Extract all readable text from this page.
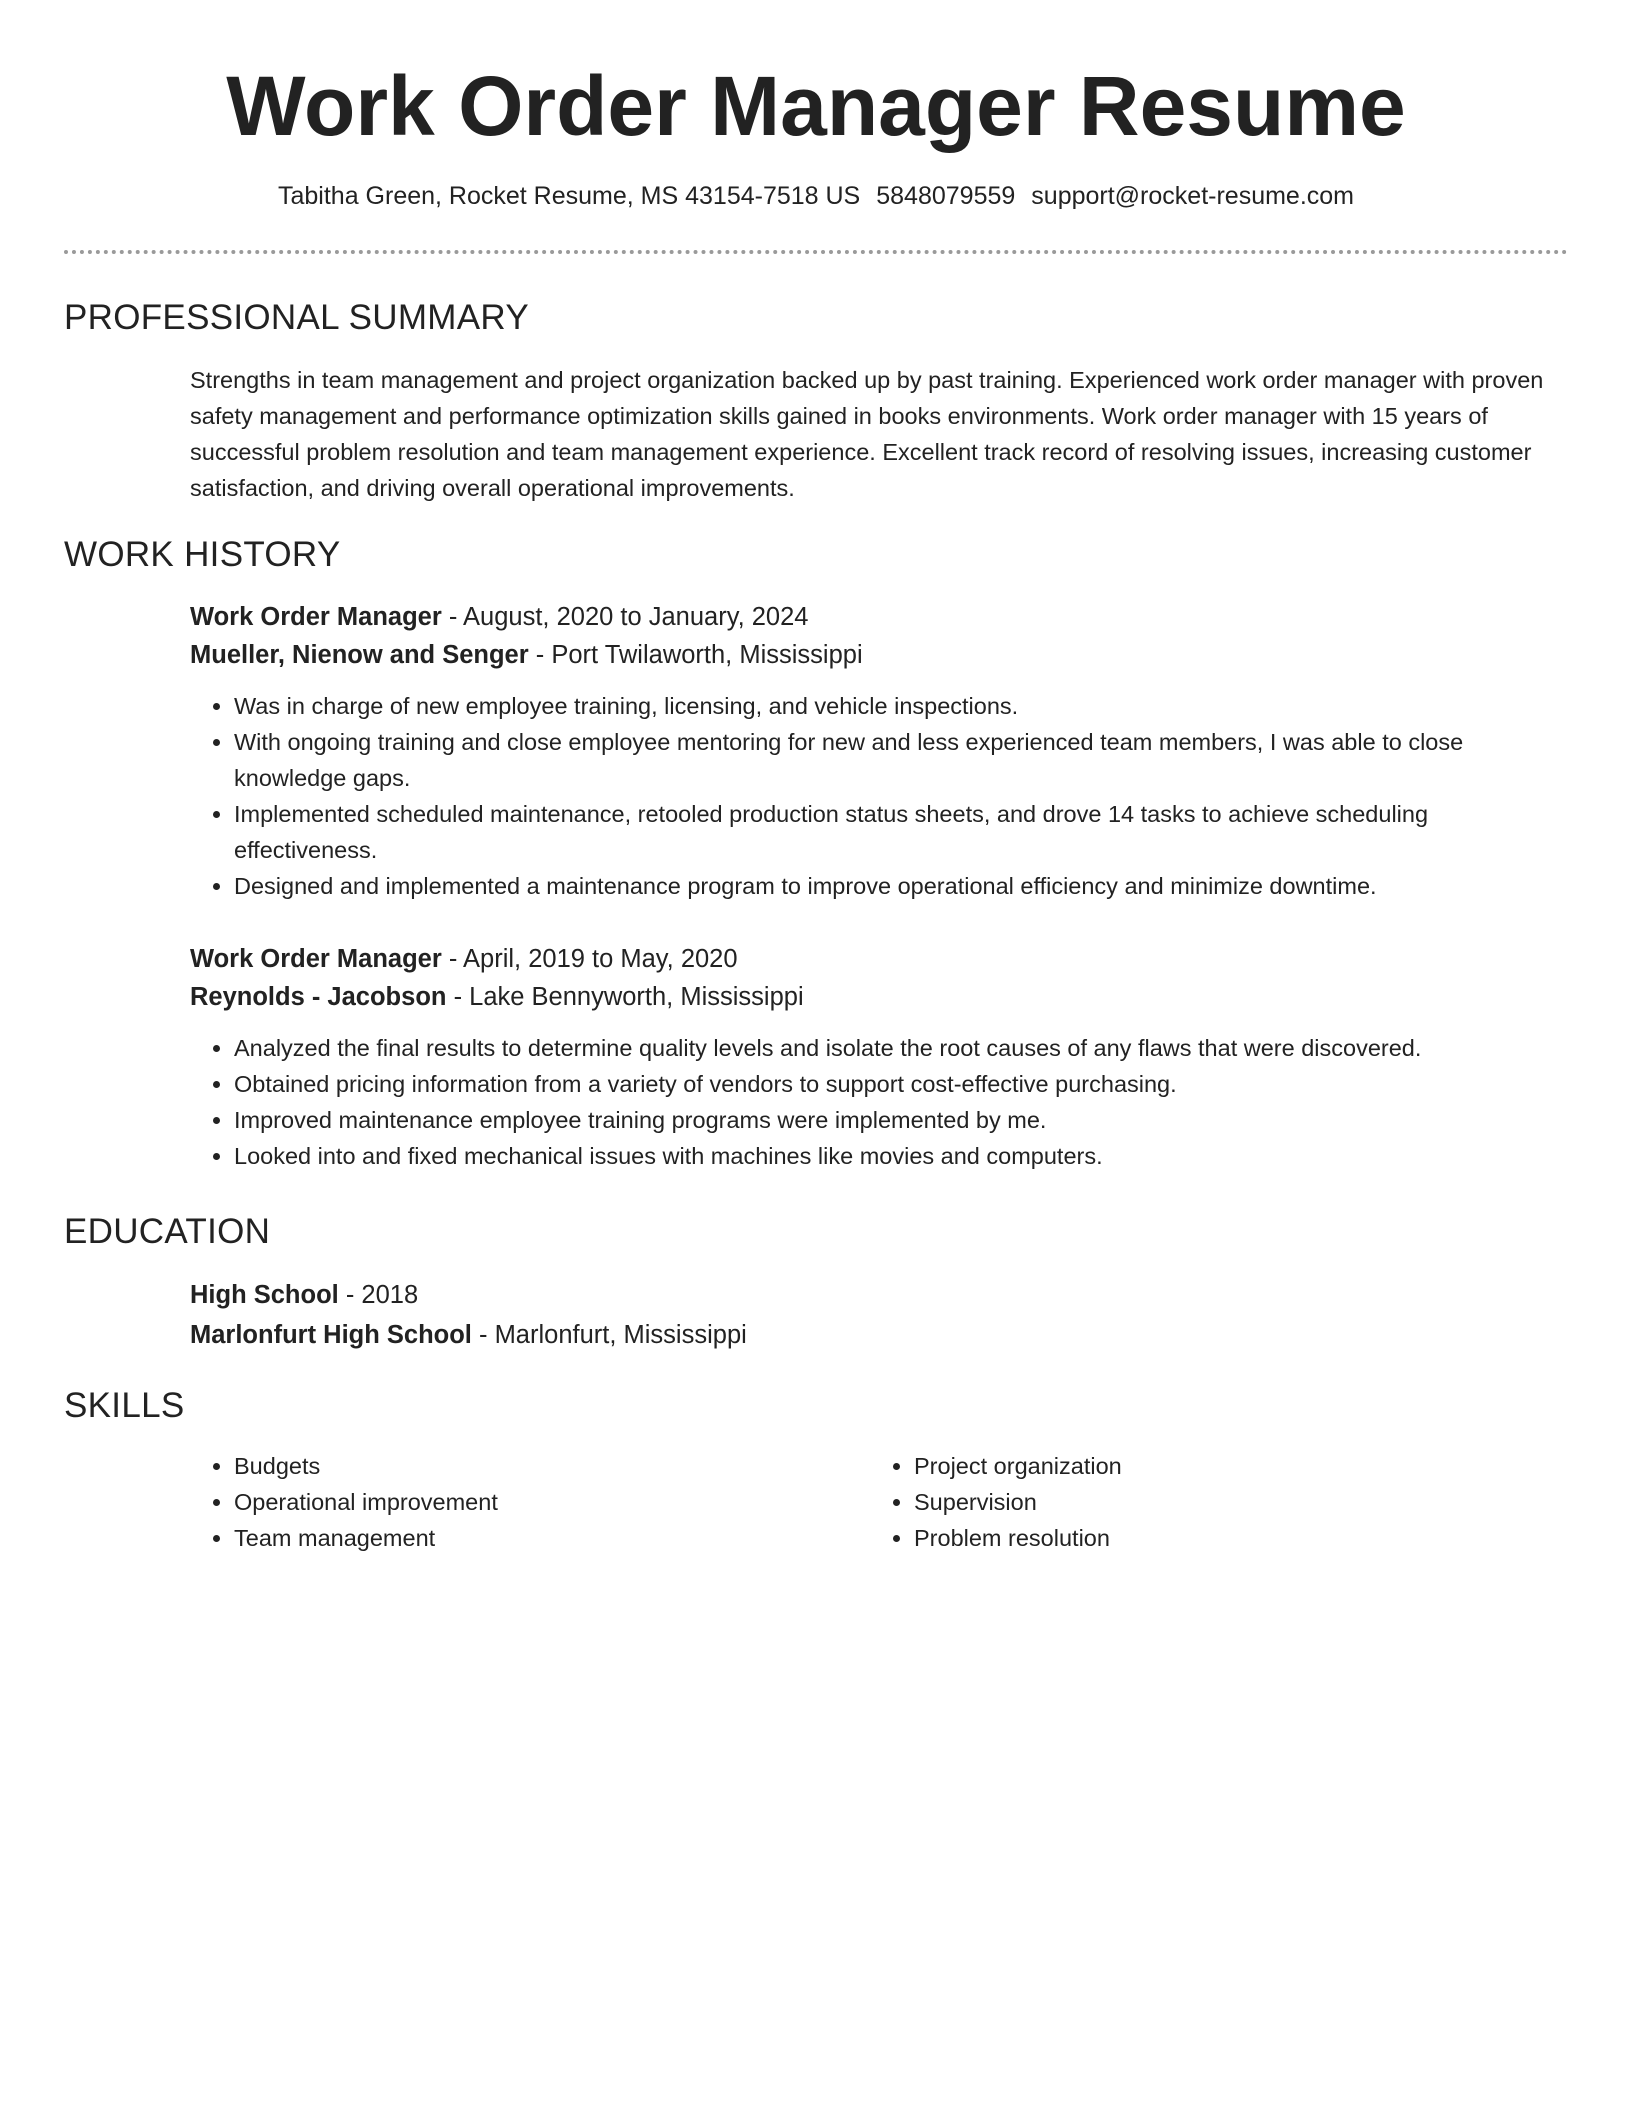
Work Order Manager Resume
Tabitha Green, Rocket Resume, MS 43154-7518 US 5848079559 support@rocket-resume.com
PROFESSIONAL SUMMARY

Strengths in team management and project organization backed up by past training. Experienced work order manager with proven safety management and performance optimization skills gained in books environments. Work order manager with 15 years of successful problem resolution and team management experience. Excellent track record of resolving issues, increasing customer satisfaction, and driving overall operational improvements.

WORK HISTORY
Work Order Manager - August, 2020 to January, 2024
Mueller, Nienow and Senger - Port Twilaworth, Mississippi
• Was in charge of new employee training, licensing, and vehicle inspections.
• With ongoing training and close employee mentoring for new and less experienced team members, I was able to close knowledge gaps.
• Implemented scheduled maintenance, retooled production status sheets, and drove 14 tasks to achieve scheduling effectiveness.
• Designed and implemented a maintenance program to improve operational efficiency and minimize downtime.
Work Order Manager - April, 2019 to May, 2020
Reynolds - Jacobson - Lake Bennyworth, Mississippi
• Analyzed the final results to determine quality levels and isolate the root causes of any flaws that were discovered.
• Obtained pricing information from a variety of vendors to support cost-effective purchasing.
• Improved maintenance employee training programs were implemented by me.
• Looked into and fixed mechanical issues with machines like movies and computers.
EDUCATION
High School - 2018
Marlonfurt High School - Marlonfurt, Mississippi
SKILLS
• Budgets
• Operational improvement
• Team management
• Project organization
• Supervision
• Problem resolution
